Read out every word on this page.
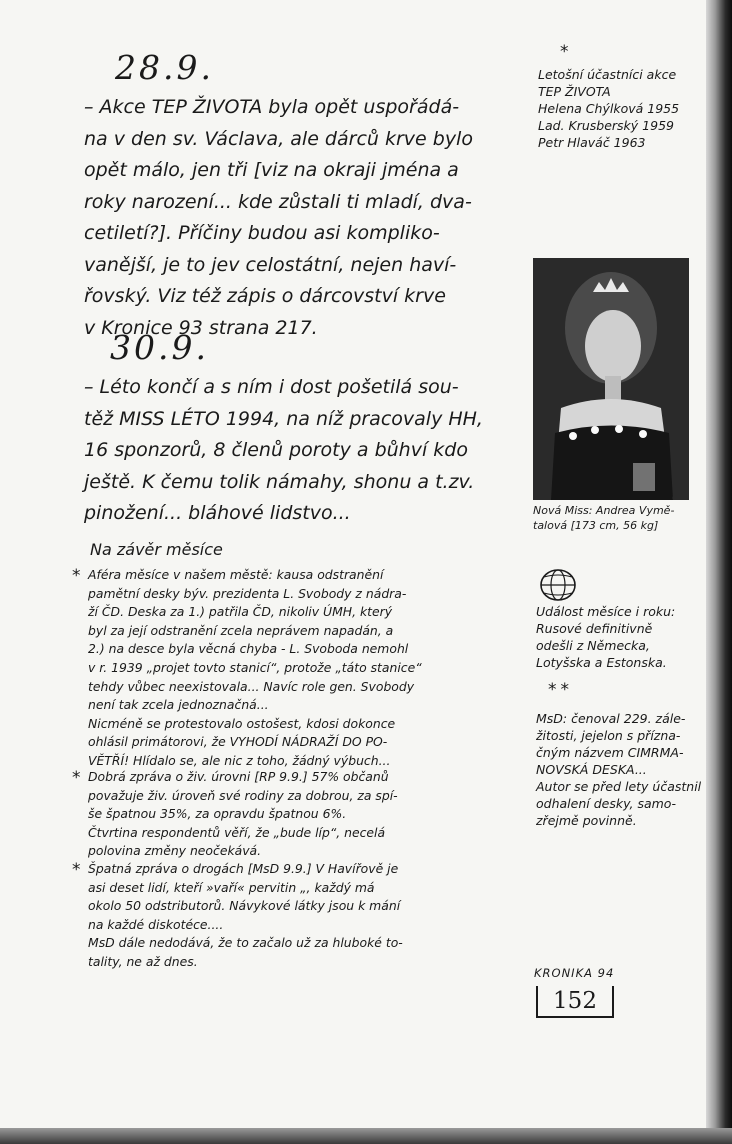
28.9.

– Akce TEP ŽIVOTA byla opět uspořádá-
na v den sv. Václava, ale dárců krve bylo
opět málo, jen tři [viz na okraji jména a
roky narození... kde zůstali ti mladí, dva-
cetiletí?]. Příčiny budou asi kompliko-
vanější, je to jev celostátní, nejen haví-
řovský. Viz též zápis o dárcovství krve
v Kronice 93 strana 217.

30.9.

– Léto končí a s ním i dost pošetilá sou-
těž MISS LÉTO 1994, na níž pracovaly HH,
16 sponzorů, 8 členů poroty a bůhví kdo
ještě. K čemu tolik námahy, shonu a t.zv.
pinožení... bláhové lidstvo...

Na závěr měsíce
* Aféra měsíce v našem městě: kausa odstranění
pamětní desky býv. prezidenta L. Svobody z nádra-
ží ČD. Deska za 1.) patřila ČD, nikoliv ÚMH, který
byl za její odstranění zcela neprávem napadán, a
2.) na desce byla věcná chyba - L. Svoboda nemohl
v r. 1939 „projet tovto stanicí“, protože „táto stanice“
tehdy vůbec neexistovala... Navíc role gen. Svobody
není tak zcela jednoznačná...
Nicméně se protestovalo ostošest, kdosi dokonce
ohlásil primátorovi, že VYHODÍ NÁDRAŽÍ DO PO-
VĚTŘÍ! Hlídalo se, ale nic z toho, žádný výbuch...

* Dobrá zpráva o živ. úrovni [RP 9.9.] 57% občanů
považuje živ. úroveň své rodiny za dobrou, za spí-
še špatnou 35%, za opravdu špatnou 6%.
Čtvrtina respondentů věří, že „bude líp“, necelá
polovina změny neočekává.

* Špatná zpráva o drogách [MsD 9.9.] V Havířově je
asi deset lidí, kteří »vaří« pervitin „, každý má
okolo 50 odstributorů. Návykové látky jsou k mání
na každé diskotéce....
MsD dále nedodává, že to začalo už za hluboké to-
tality, ne až dnes.

*

Letošní účastníci akce
TEP ŽIVOTA
Helena Chýlková 1955
Lad. Krusberský 1959
Petr Hlaváč 1963

Nová Miss: Andrea Vymě-
talová [173 cm, 56 kg]

Událost měsíce i roku:
Rusové definitivně
odešli z Německa,
Lotyšska a Estonska.

**

MsD: čenoval 229. zále-
žitosti, jejelon s přízna-
čným názvem CIMRMA-
NOVSKÁ DESKA...
Autor se před lety účastnil
odhalení desky, samo-
zřejmě povinně.

KRONIKA 94
152
